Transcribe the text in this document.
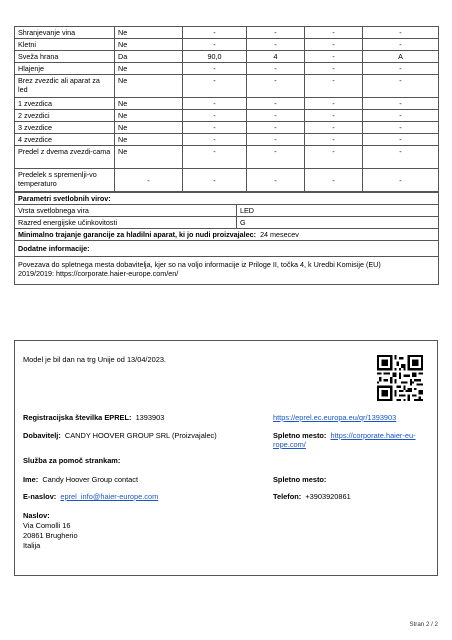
Shranjevanje vina	Ne	-	-	-	-
Kletni	Ne	-	-	-	-
Sveža hrana	Da	90,0	4	-	A
Hlajenje	Ne	-	-	-	-
Brez zvezdic ali aparat za led	Ne	-	-	-	-
1 zvezdica	Ne	-	-	-	-
2 zvezdici	Ne	-	-	-	-
3 zvezdice	Ne	-	-	-	-
4 zvezdice	Ne	-	-	-	-
Predel z dvema zvezdi-cama	Ne	-	-	-	-
Predelek s spremenlji-vo temperaturo	-	-	-	-	-
Parametri svetlobnih virov:	
Vrsta svetlobnega vira	LED
Razred energijske učinkovitosti	G
Minimalno trajanje garancije za hladilni aparat, ki jo nudi proizvajalec: 24 mesecev	
Dodatne informacije:	

Povezava do spletnega mesta dobavitelja, kjer so na voljo informacije iz Priloge II, točka 4, k Uredbi Komisije (EU)
2019/2019: https://corporate.haier-europe.com/en/	
Model je bil dan na trg Unije od 13/04/2023.
Registracijska številka EPREL: 1393903	https://eprel.ec.europa.eu/qr/1393903
Dobavitelj: CANDY HOOVER GROUP SRL (Proizvajalec)	Spletno mesto: https://corporate.haier-eu-
rope.com/
Služba za pomoč strankam:
Ime: Candy Hoover Group contact	Spletno mesto:
E-naslov: eprel_info@haier-europe.com	Telefon: +3903920861
Naslov:
Via Comolli 16
20861 Brugherio
Italija
Stran 2 / 2
